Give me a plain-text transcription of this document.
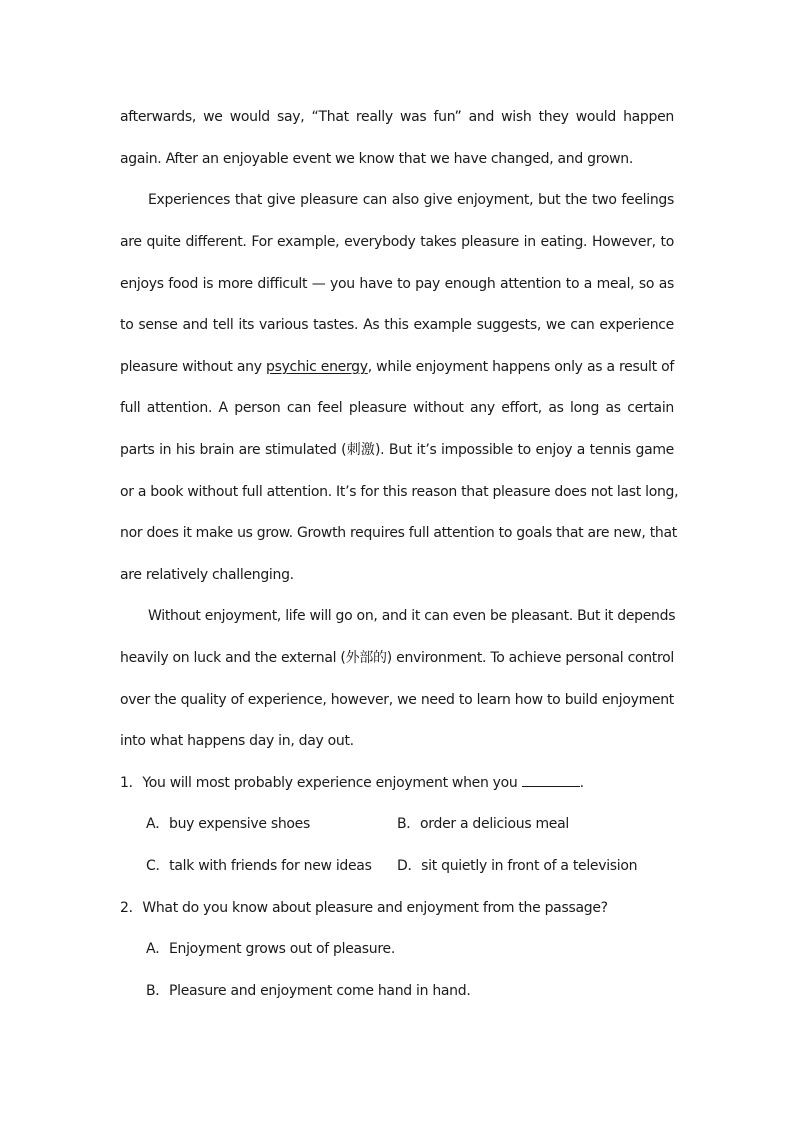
afterwards, we would say, “That really was fun” and wish they would happen
again. After an enjoyable event we know that we have changed, and grown.
Experiences that give pleasure can also give enjoyment, but the two feelings
are quite different. For example, everybody takes pleasure in eating. However, to
enjoys food is more difficult — you have to pay enough attention to a meal, so as
to sense and tell its various tastes. As this example suggests, we can experience
pleasure without any psychic energy, while enjoyment happens only as a result of
full attention. A person can feel pleasure without any effort, as long as certain
parts in his brain are stimulated (刺激). But it’s impossible to enjoy a tennis game
or a book without full attention. It’s for this reason that pleasure does not last long,
nor does it make us grow. Growth requires full attention to goals that are new, that
are relatively challenging.
Without enjoyment, life will go on, and it can even be pleasant. But it depends
heavily on luck and the external (外部的) environment. To achieve personal control
over the quality of experience, however, we need to learn how to build enjoyment
into what happens day in, day out.
1．You will most probably experience enjoyment when you	.
A．buy expensive shoes	B．order a delicious meal
C．talk with friends for new ideas D．sit quietly in front of a television
2．What do you know about pleasure and enjoyment from the passage?
A．Enjoyment grows out of pleasure.
B．Pleasure and enjoyment come hand in hand.
